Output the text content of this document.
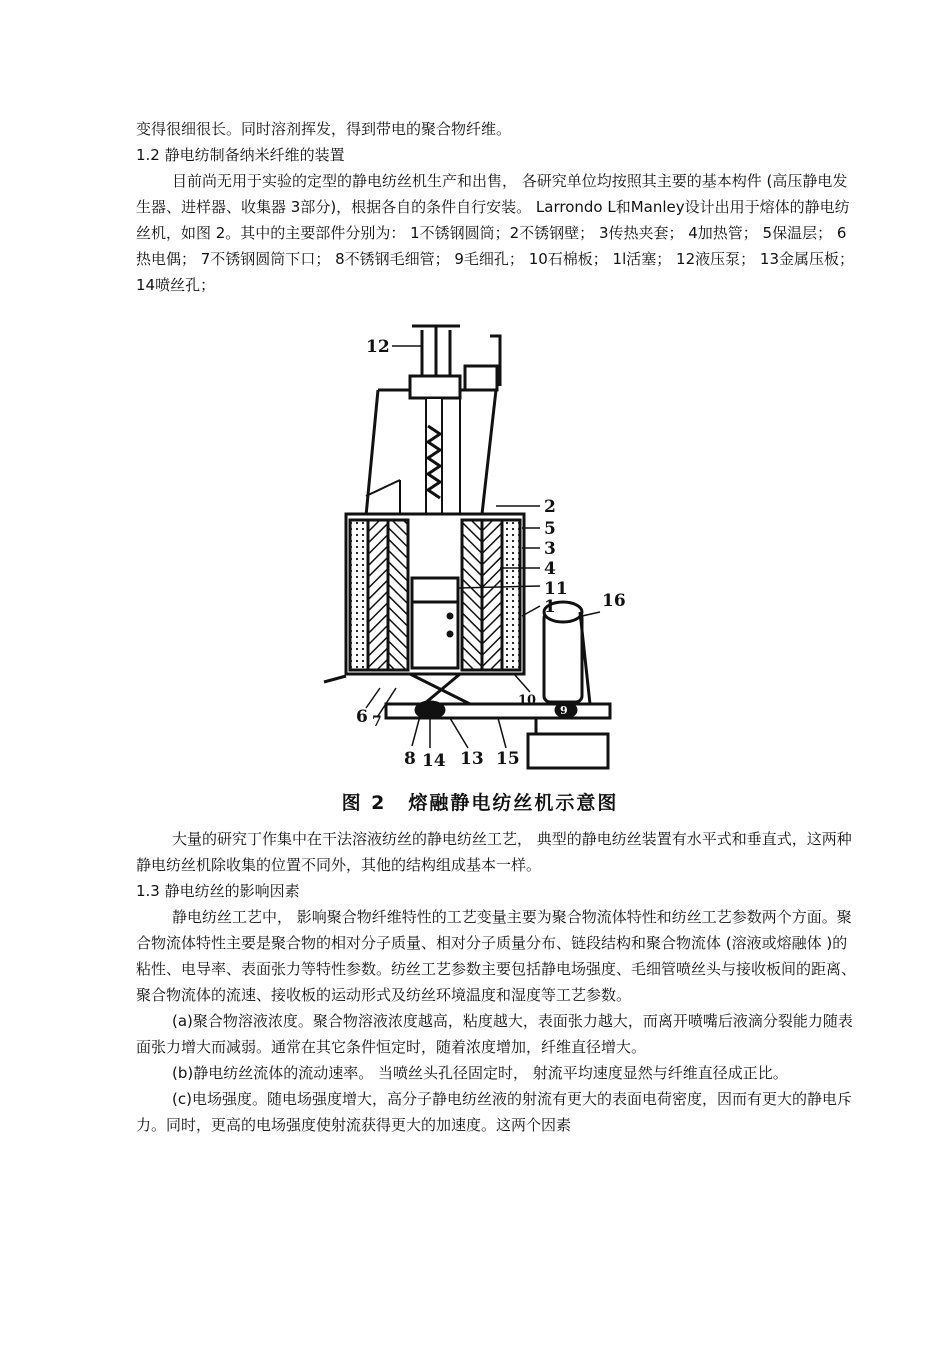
变得很细很长。同时溶剂挥发，得到带电的聚合物纤维。

1.2 静电纺制备纳米纤维的装置

目前尚无用于实验的定型的静电纺丝机生产和出售， 各研究单位均按照其主要的基本构件 (高压静电发生器、进样器、收集器 3部分)，根据各自的条件自行安装。 Larrondo L和Manley设计出用于熔体的静电纺丝机，如图 2。其中的主要部件分别为： 1不锈钢圆筒；2不锈钢壁； 3传热夹套； 4加热管； 5保温层； 6热电偶； 7不锈钢圆筒下口； 8不锈钢毛细管； 9毛细孔； 10石棉板； 1l活塞； 12液压泵； 13金属压板； 14喷丝孔；

12
2
5
3
4
11
1	16
10
6 7
9
8 14 13 15
图 2 熔融静电纺丝机示意图

大量的研究丁作集中在干法溶液纺丝的静电纺丝工艺， 典型的静电纺丝装置有水平式和垂直式，这两种静电纺丝机除收集的位置不同外，其他的结构组成基本一样。

1.3 静电纺丝的影响因素

静电纺丝工艺中， 影响聚合物纤维特性的工艺变量主要为聚合物流体特性和纺丝工艺参数两个方面。聚合物流体特性主要是聚合物的相对分子质量、相对分子质量分布、链段结构和聚合物流体 (溶液或熔融体 )的粘性、电导率、表面张力等特性参数。纺丝工艺参数主要包括静电场强度、毛细管喷丝头与接收板间的距离、聚合物流体的流速、接收板的运动形式及纺丝环境温度和湿度等工艺参数。

(a)聚合物溶液浓度。聚合物溶液浓度越高，粘度越大，表面张力越大，而离开喷嘴后液滴分裂能力随表面张力增大而减弱。通常在其它条件恒定时，随着浓度增加，纤维直径增大。

(b)静电纺丝流体的流动速率。 当喷丝头孔径固定时， 射流平均速度显然与纤维直径成正比。

(c)电场强度。随电场强度增大，高分子静电纺丝液的射流有更大的表面电荷密度，因而有更大的静电斥力。同时，更高的电场强度使射流获得更大的加速度。这两个因素
